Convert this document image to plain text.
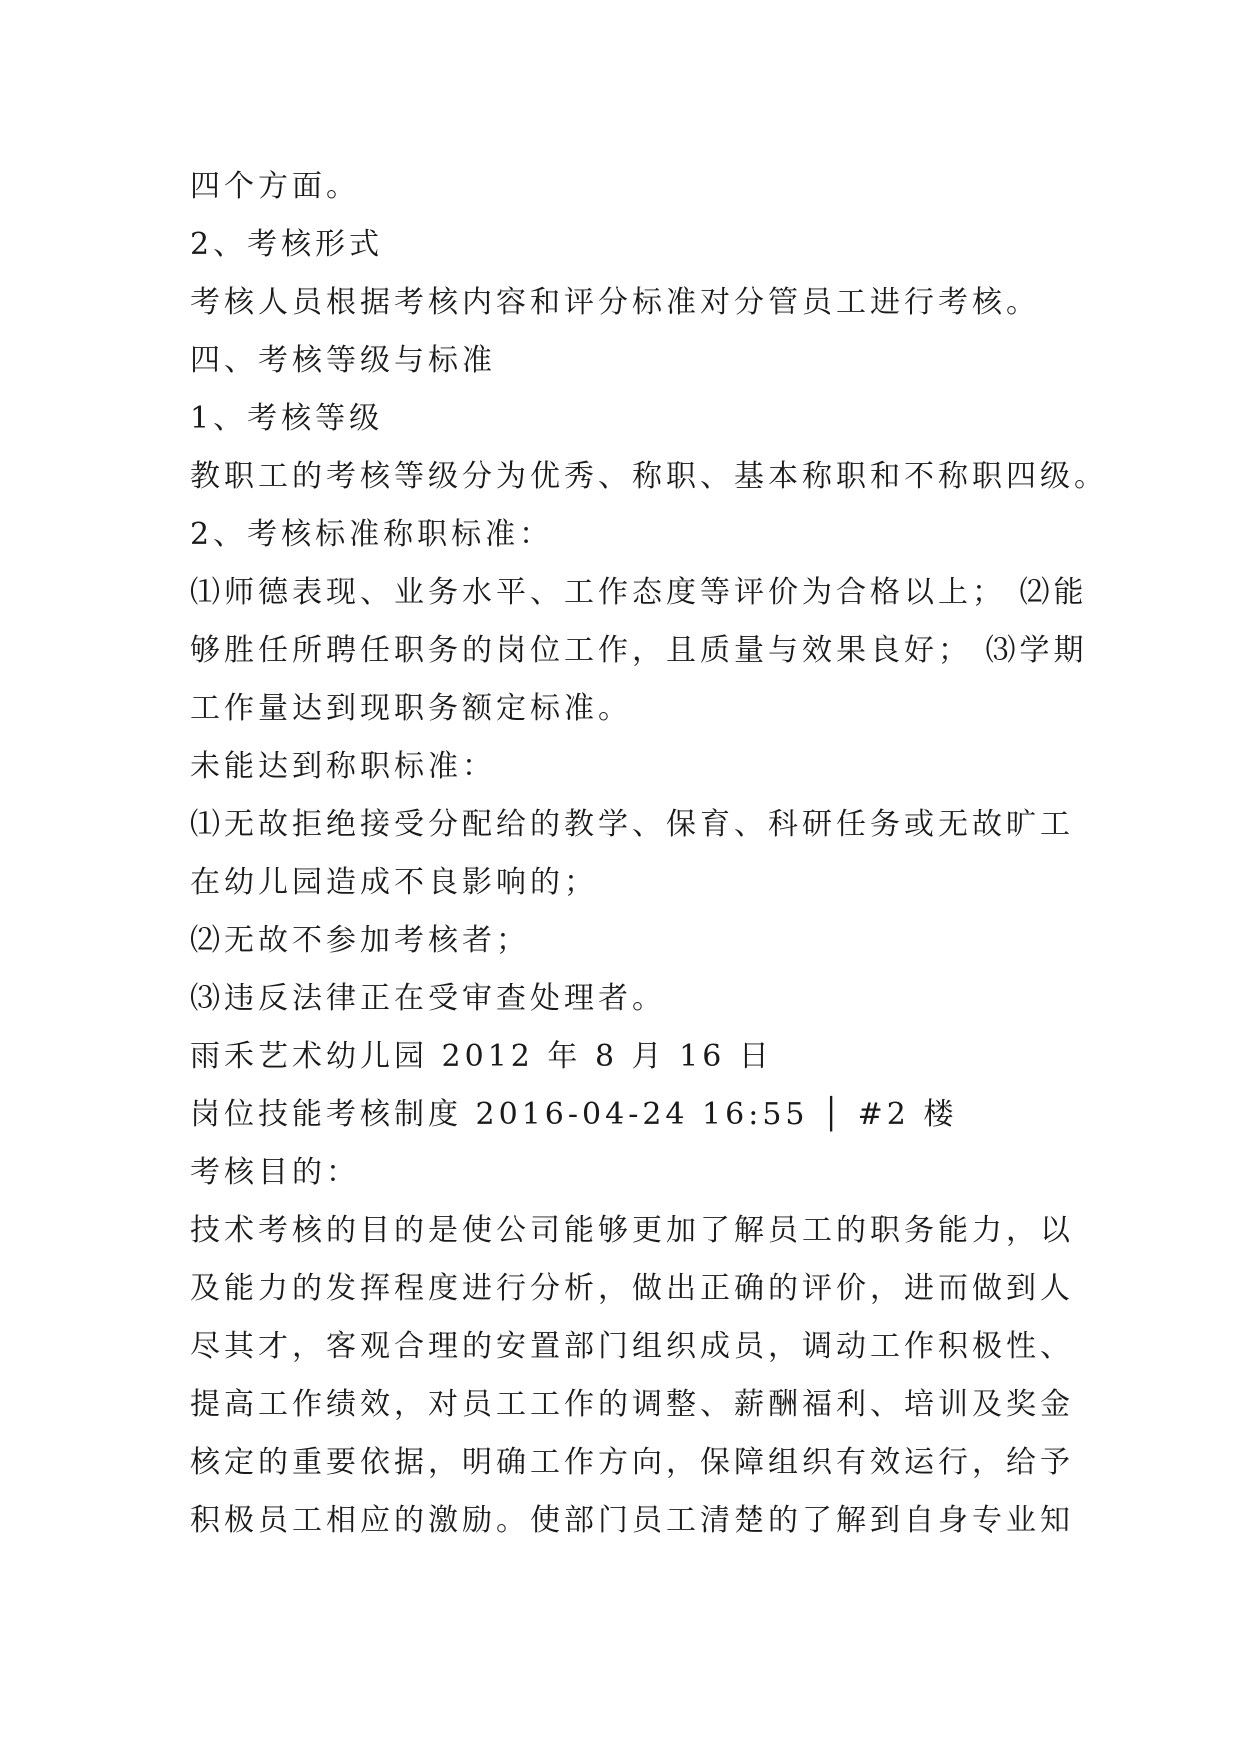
四个方面。
2、考核形式
考核人员根据考核内容和评分标准对分管员工进行考核。
四、考核等级与标准
1、考核等级
教职工的考核等级分为优秀、称职、基本称职和不称职四级。
2、考核标准称职标准：
⑴师德表现、业务水平、工作态度等评价为合格以上； ⑵能
够胜任所聘任职务的岗位工作，且质量与效果良好； ⑶学期
工作量达到现职务额定标准。
未能达到称职标准：
⑴无故拒绝接受分配给的教学、保育、科研任务或无故旷工
在幼儿园造成不良影响的；
⑵无故不参加考核者；
⑶违反法律正在受审查处理者。
雨禾艺术幼儿园 2012 年 8 月 16 日
岗位技能考核制度 2016-04-24 16:55 │ #2 楼
考核目的：
技术考核的目的是使公司能够更加了解员工的职务能力，以
及能力的发挥程度进行分析，做出正确的评价，进而做到人
尽其才，客观合理的安置部门组织成员，调动工作积极性、
提高工作绩效，对员工工作的调整、薪酬福利、培训及奖金
核定的重要依据，明确工作方向，保障组织有效运行，给予
积极员工相应的激励。使部门员工清楚的了解到自身专业知
